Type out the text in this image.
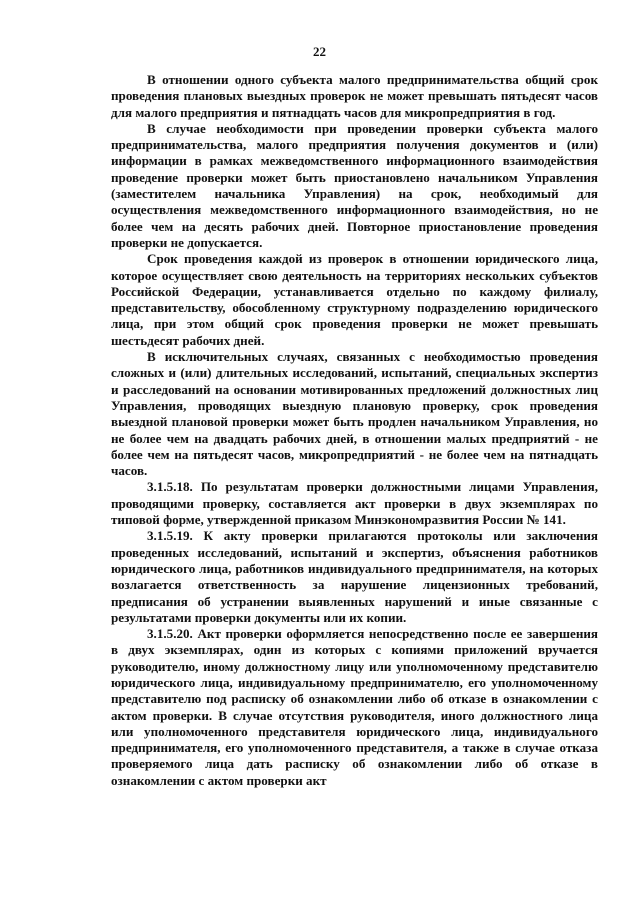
22

В отношении одного субъекта малого предпринимательства общий срок проведения плановых выездных проверок не может превышать пятьдесят часов для малого предприятия и пятнадцать часов для микропредприятия в год.

В случае необходимости при проведении проверки субъекта малого предпринимательства, малого предприятия получения документов и (или) информации в рамках межведомственного информационного взаимодействия проведение проверки может быть приостановлено начальником Управления (заместителем начальника Управления) на срок, необходимый для осуществления межведомственного информационного взаимодействия, но не более чем на десять рабочих дней. Повторное приостановление проведения проверки не допускается.

Срок проведения каждой из проверок в отношении юридического лица, которое осуществляет свою деятельность на территориях нескольких субъектов Российской Федерации, устанавливается отдельно по каждому филиалу, представительству, обособленному структурному подразделению юридического лица, при этом общий срок проведения проверки не может превышать шестьдесят рабочих дней.

В исключительных случаях, связанных с необходимостью проведения сложных и (или) длительных исследований, испытаний, специальных экспертиз и расследований на основании мотивированных предложений должностных лиц Управления, проводящих выездную плановую проверку, срок проведения выездной плановой проверки может быть продлен начальником Управления, но не более чем на двадцать рабочих дней, в отношении малых предприятий - не более чем на пятьдесят часов, микропредприятий - не более чем на пятнадцать часов.

3.1.5.18. По результатам проверки должностными лицами Управления, проводящими проверку, составляется акт проверки в двух экземплярах по типовой форме, утвержденной приказом Минэкономразвития России № 141.

3.1.5.19. К акту проверки прилагаются протоколы или заключения проведенных исследований, испытаний и экспертиз, объяснения работников юридического лица, работников индивидуального предпринимателя, на которых возлагается ответственность за нарушение лицензионных требований, предписания об устранении выявленных нарушений и иные связанные с результатами проверки документы или их копии.

3.1.5.20. Акт проверки оформляется непосредственно после ее завершения в двух экземплярах, один из которых с копиями приложений вручается руководителю, иному должностному лицу или уполномоченному представителю юридического лица, индивидуальному предпринимателю, его уполномоченному представителю под расписку об ознакомлении либо об отказе в ознакомлении с актом проверки. В случае отсутствия руководителя, иного должностного лица или уполномоченного представителя юридического лица, индивидуального предпринимателя, его уполномоченного представителя, а также в случае отказа проверяемого лица дать расписку об ознакомлении либо об отказе в ознакомлении с актом проверки акт
